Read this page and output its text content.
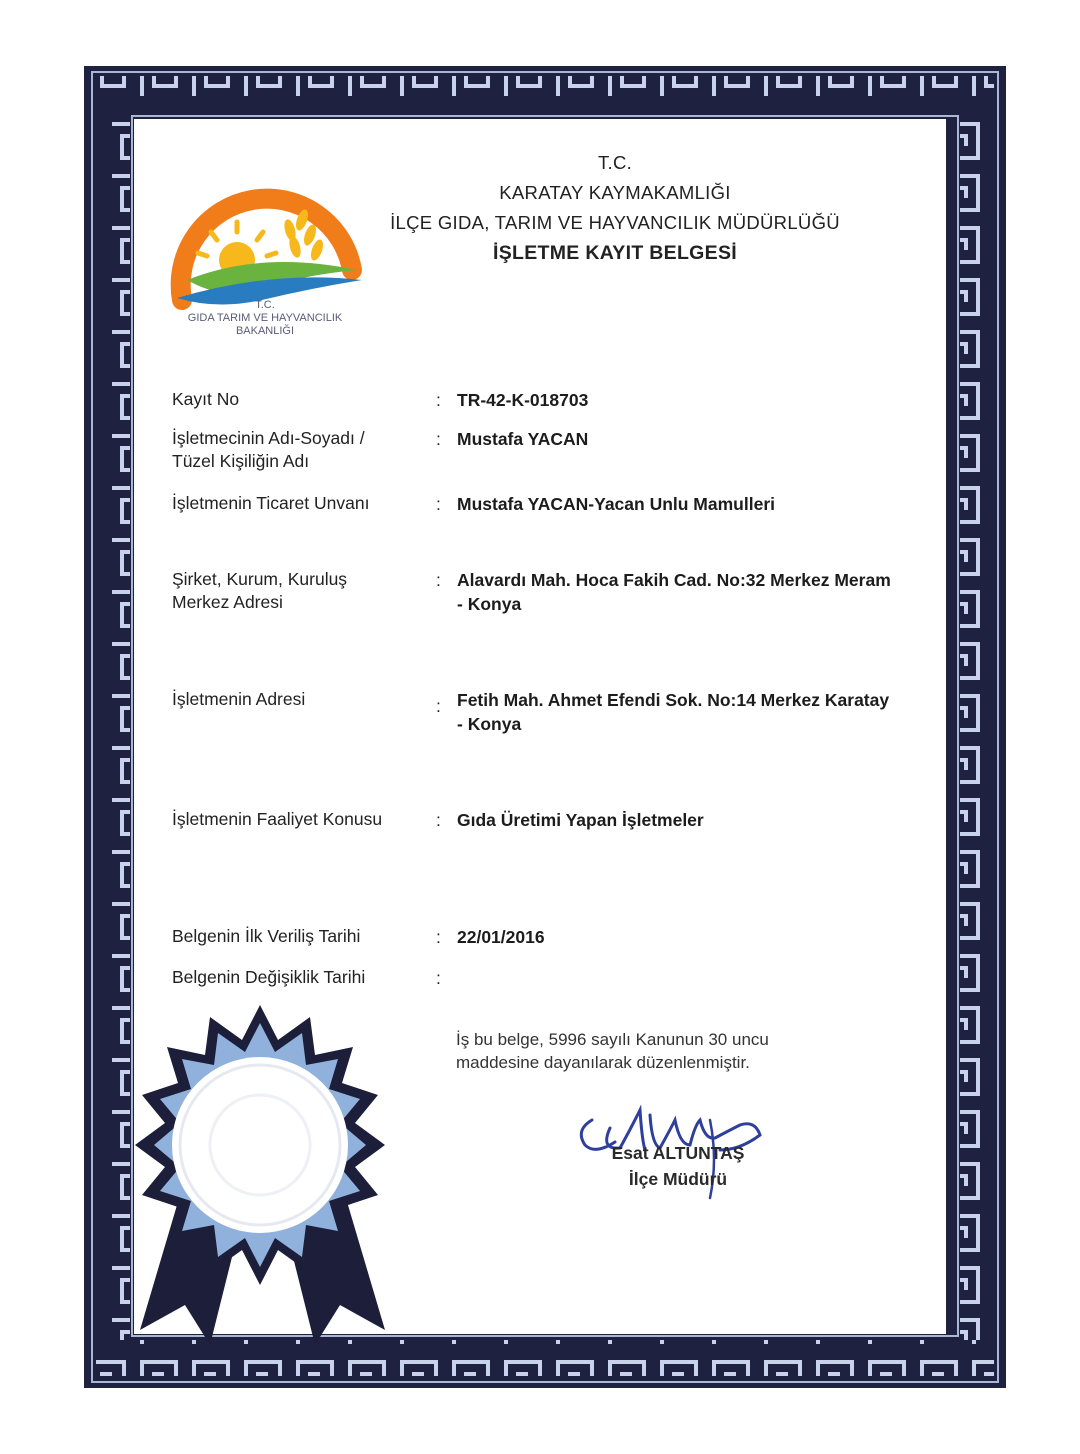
T.C.
GIDA TARIM VE HAYVANCILIK
BAKANLIĞI
T.C.
KARATAY KAYMAKAMLIĞI
İLÇE GIDA, TARIM VE HAYVANCILIK MÜDÜRLÜĞÜ
İŞLETME KAYIT BELGESİ
Kayıt No	: TR-42-K-018703
İşletmecinin Adı-Soyadı / Tüzel Kişiliğin Adı
: Mustafa YACAN
İşletmenin Ticaret Unvanı	: Mustafa YACAN-Yacan Unlu Mamulleri
Şirket, Kurum, Kuruluş Merkez Adresi
: Alavardı Mah. Hoca Fakih Cad. No:32 Merkez Meram - Konya
İşletmenin Adresi	: Fetih Mah. Ahmet Efendi Sok. No:14 Merkez Karatay - Konya
İşletmenin Faaliyet Konusu	: Gıda Üretimi Yapan İşletmeler
Belgenin İlk Veriliş Tarihi	: 22/01/2016
Belgenin Değişiklik Tarihi	:
İş bu belge, 5996 sayılı Kanunun 30 uncu maddesine dayanılarak düzenlenmiştir.
Esat ALTUNTAŞ
İlçe Müdürü
